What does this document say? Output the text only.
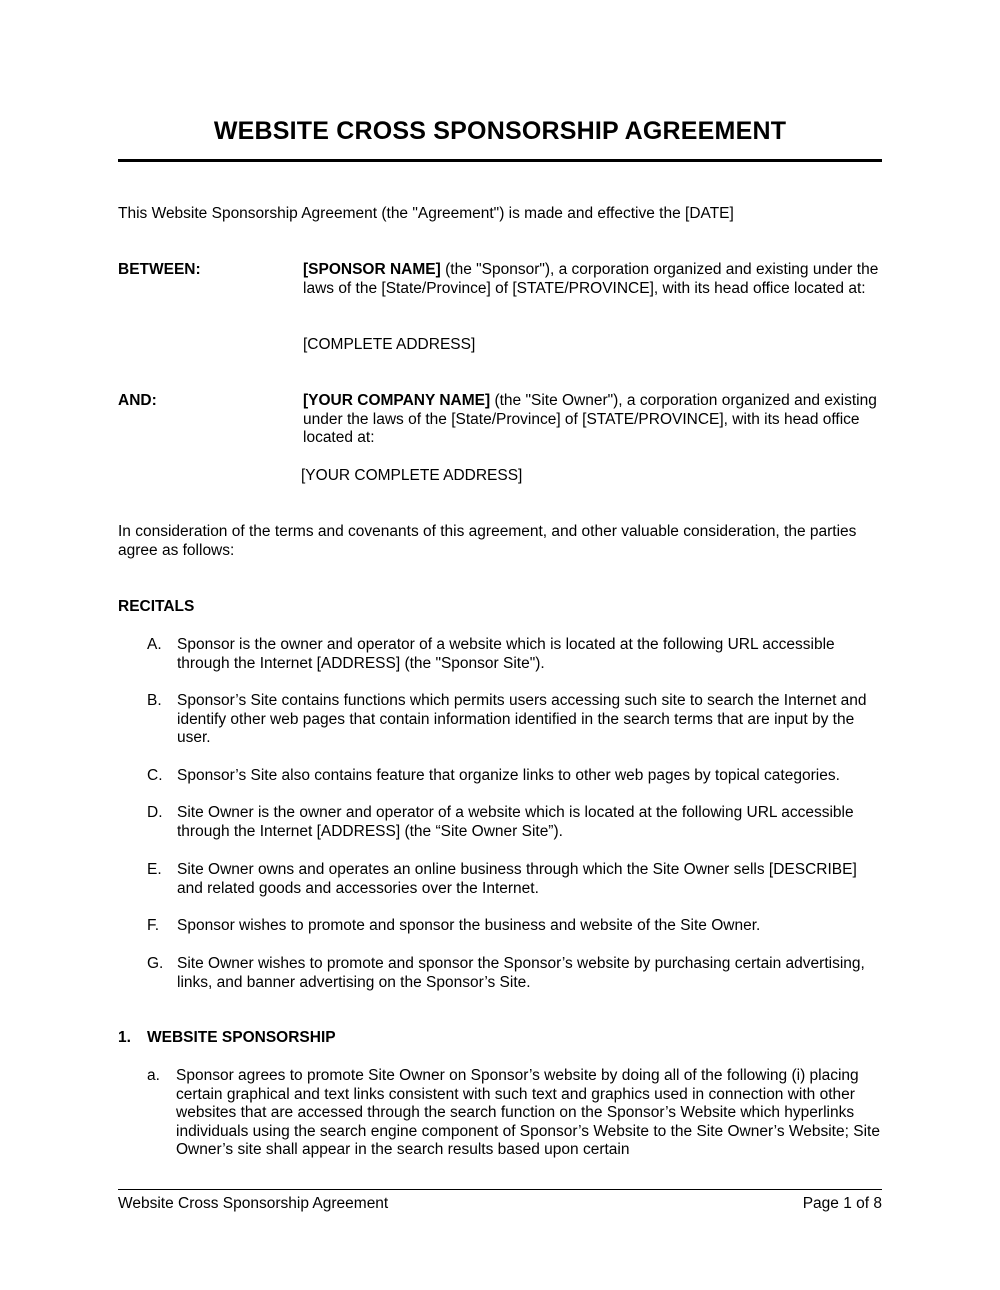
WEBSITE CROSS SPONSORSHIP AGREEMENT
This Website Sponsorship Agreement (the "Agreement") is made and effective the [DATE]
BETWEEN:	[SPONSOR NAME] (the "Sponsor"), a corporation organized and existing under the laws of the [State/Province] of [STATE/PROVINCE], with its head office located at:
[COMPLETE ADDRESS]
AND:	[YOUR COMPANY NAME] (the "Site Owner"), a corporation organized and existing under the laws of the [State/Province] of [STATE/PROVINCE], with its head office located at:
[YOUR COMPLETE ADDRESS]
In consideration of the terms and covenants of this agreement, and other valuable consideration, the parties agree as follows:
RECITALS
A. Sponsor is the owner and operator of a website which is located at the following URL accessible through the Internet [ADDRESS] (the "Sponsor Site").
B. Sponsor’s Site contains functions which permits users accessing such site to search the Internet and identify other web pages that contain information identified in the search terms that are input by the user.
C. Sponsor’s Site also contains feature that organize links to other web pages by topical categories.
D. Site Owner is the owner and operator of a website which is located at the following URL accessible through the Internet [ADDRESS] (the “Site Owner Site”).
E. Site Owner owns and operates an online business through which the Site Owner sells [DESCRIBE] and related goods and accessories over the Internet.
F.	Sponsor wishes to promote and sponsor the business and website of the Site Owner.
G. Site Owner wishes to promote and sponsor the Sponsor’s website by purchasing certain advertising, links, and banner advertising on the Sponsor’s Site.
1. WEBSITE SPONSORSHIP
a.	Sponsor agrees to promote Site Owner on Sponsor’s website by doing all of the following (i) placing certain graphical and text links consistent with such text and graphics used in connection with other websites that are accessed through the search function on the Sponsor’s Website which hyperlinks individuals using the search engine component of Sponsor’s Website to the Site Owner’s Website; Site Owner’s site shall appear in the search results based upon certain
Website Cross Sponsorship Agreement	Page 1 of 8
